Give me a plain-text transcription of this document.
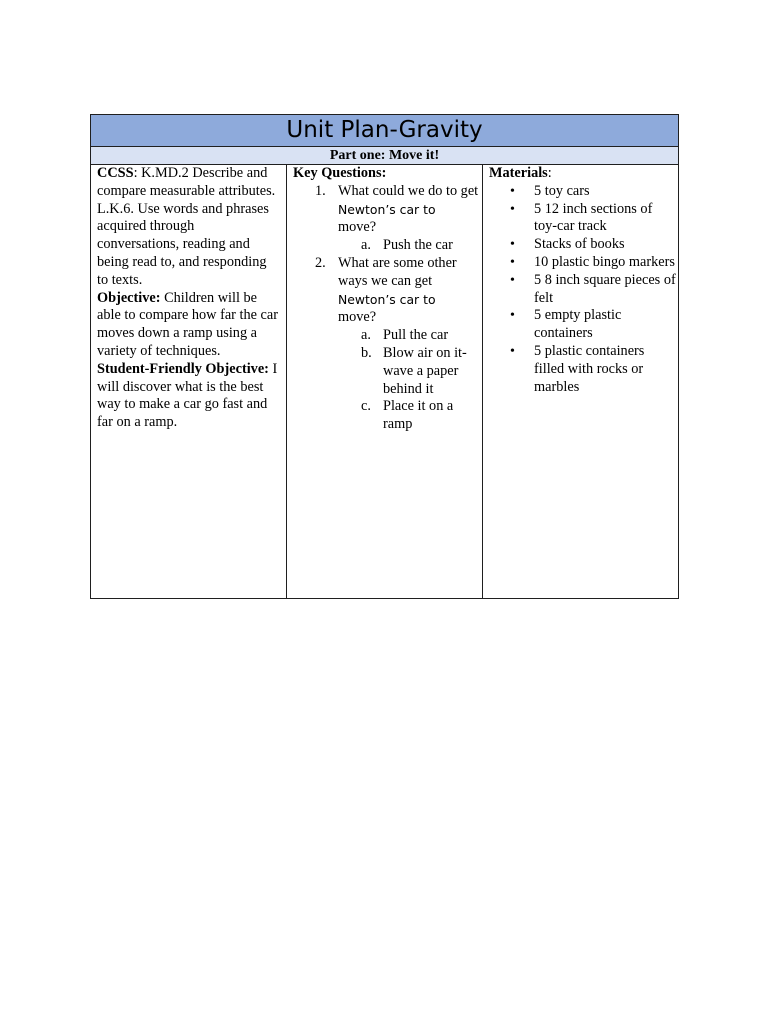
Unit Plan-Gravity
Part one: Move it!

CCSS: K.MD.2 Describe and compare measurable attributes.

L.K.6. Use words and phrases acquired through conversations, reading and being read to, and responding to texts.

Objective: Children will be able to compare how far the car moves down a ramp using a variety of techniques.

Student-Friendly Objective: I will discover what is the best way to make a car go fast and far on a ramp.

Key Questions:
1. What could we do to get
Newton’s car to
move?
a. Push the car
2. What are some other ways we can get
Newton’s car to
move?
a. Pull the car
b. Blow air on it- wave a paper behind it
c. Place it on a ramp

Materials:
• 5 toy cars
• 5 12 inch sections of toy-car track
• Stacks of books
• 10 plastic bingo markers
• 5 8 inch square pieces of felt
• 5 empty plastic containers
• 5 plastic containers filled with rocks or marbles
